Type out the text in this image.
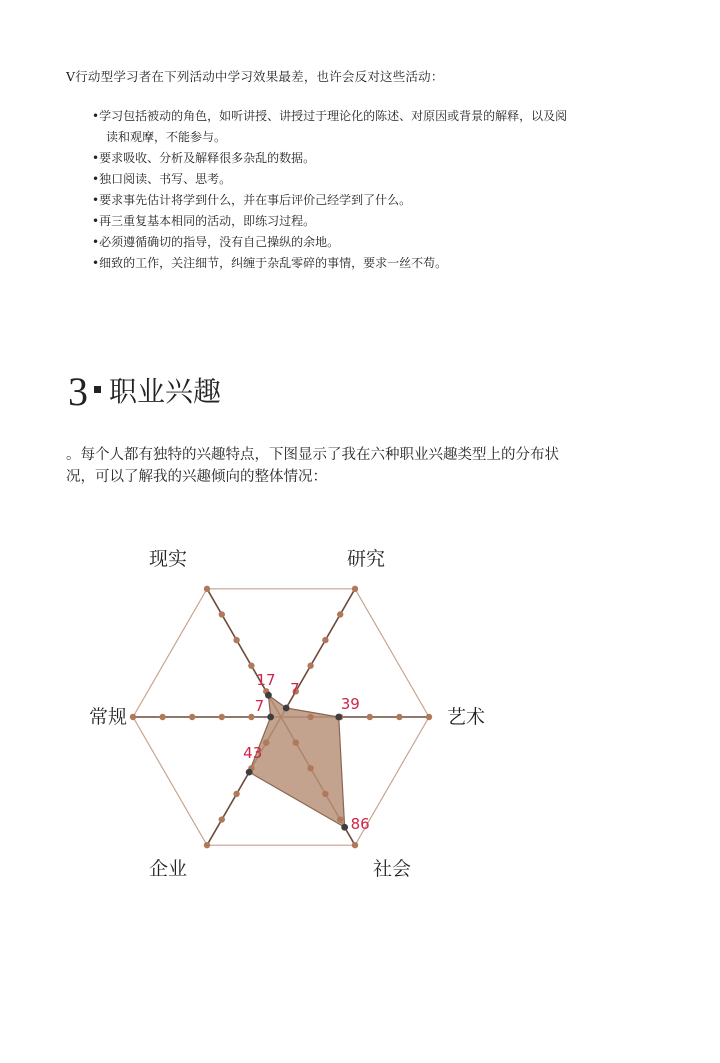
V行动型学习者在下列活动中学习效果最差，也许会反对这些活动：
•学习包括被动的角色，如听讲授、讲授过于理论化的陈述、对原因或背景的解释，以及阅
读和观摩，不能参与。
•要求吸收、分析及解释很多杂乱的数据。
•独口阅读、书写、思考。
•要求事先估计将学到什么，并在事后评价己经学到了什么。
•再三重复基本相同的活动，即练习过程。
•必须遵循确切的指导，没有自己操纵的余地。
•细致的工作，关注细节，纠缠于杂乱零碎的事情，要求一丝不苟。
3 职业兴趣

。每个人都有独特的兴趣特点，下图显示了我在六种职业兴趣类型上的分布状
况，可以了解我的兴趣倾向的整体情况：

17 7
39
86
43
7
现实	研究
艺术
社会
企业
常规
